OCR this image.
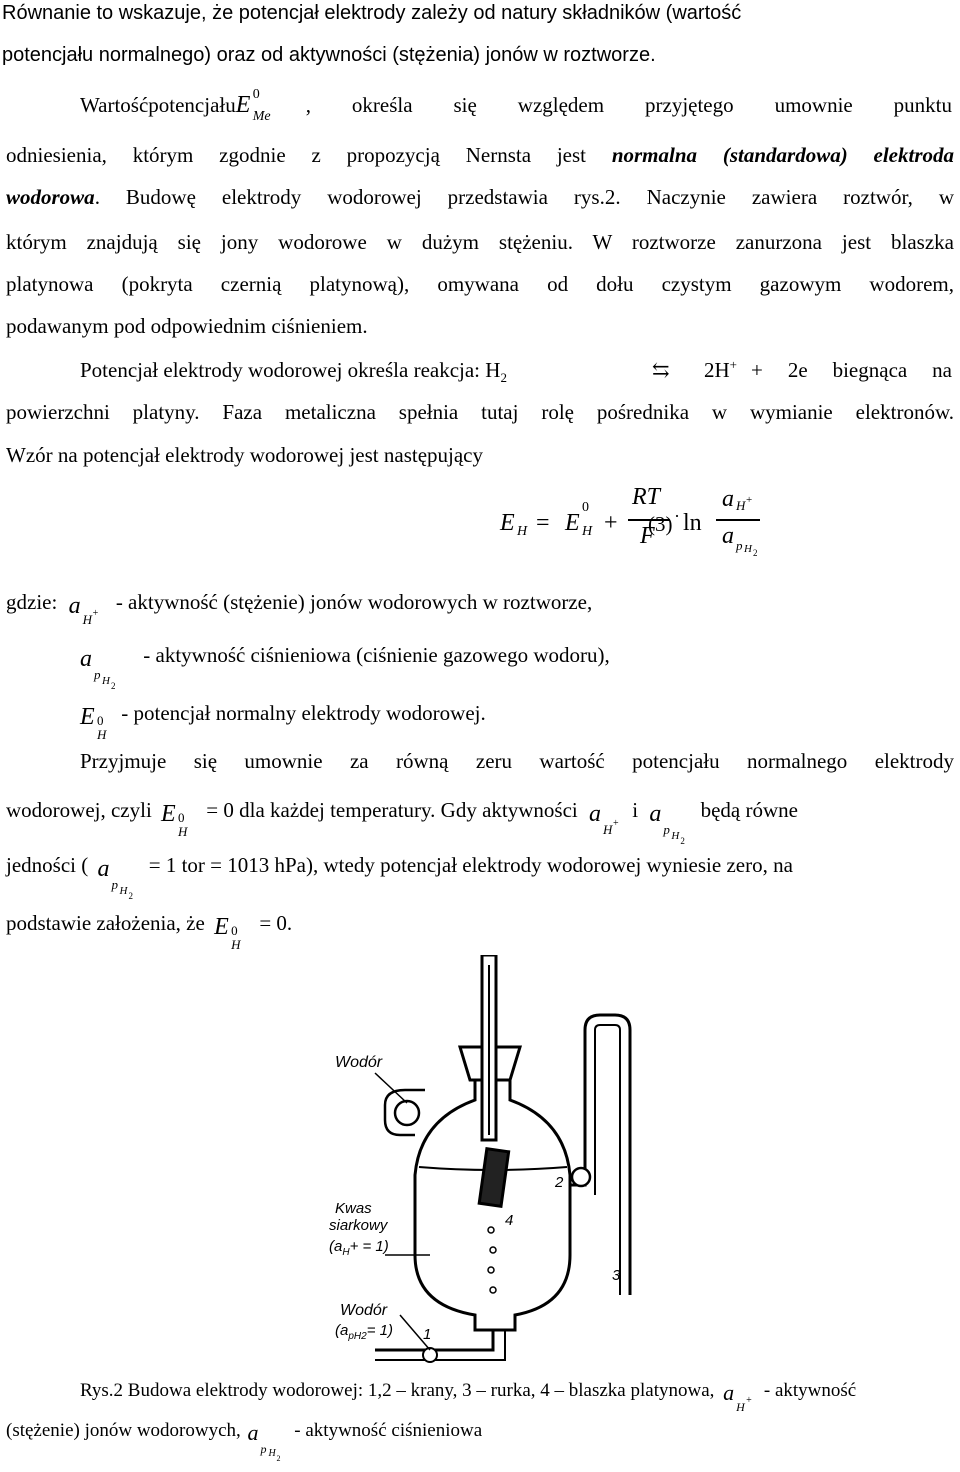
Równanie to wskazuje, że potencjał elektrody zależy od natury składników (wartość
potencjału normalnego) oraz od aktywności (stężenia) jonów w roztworze.
Wartość potencjału E 0
Me , określa się względem przyjętego umownie punktu
odniesienia, którym zgodnie z propozycją Nernsta jest normalna (standardowa) elektroda
wodorowa. Budowę elektrody wodorowej przedstawia rys.2. Naczynie zawiera roztwór, w
którym znajdują się jony wodorowe w dużym stężeniu. W roztworze zanurzona jest blaszka
platynowa (pokryta czernią platynową), omywana od dołu czystym gazowym wodorem,
podawanym pod odpowiednim ciśnieniem.
Potencjał elektrody wodorowej określa reakcja: $H_2$	⇆	2H+ + 2e biegnąca na
powierzchni platyny. Faza metaliczna spełnia tutaj rolę pośrednika w wymianie elektronów.
Wzór na potencjał elektrody wodorowej jest następujący
E H = E
0
H +
RT
F
· ln
a H +
a p H 2
(3)
gdzie: a
H + - aktywność (stężenie) jonów wodorowych w roztworze,
a
p H 2
- aktywność ciśnieniowa (ciśnienie gazowego wodoru),
E 0
H
- potencjał normalny elektrody wodorowej.
Przyjmuje się umownie za równą zeru wartość potencjału normalnego elektrody
wodorowej, czyli E 0
H
= 0 dla każdej temperatury. Gdy aktywności a
H +
i a
p H 2
będą równe
jedności ( a
p H 2
= 1 tor = 1013 hPa), wtedy potencjał elektrody wodorowej wyniesie zero, na
podstawie założenia, że E 0
H
= 0.
Wodór
Kwas
siarkowy
$(a_H+ = 1)$
Wodór
$(a_{pH2}= 1)$ 1
2
3
4
Rys.2 Budowa elektrody wodorowej: 1,2 – krany, 3 – rurka, 4 – blaszka platynowa, a
H + - aktywność
(stężenie) jonów wodorowych, a
p H 2
- aktywność ciśnieniowa
